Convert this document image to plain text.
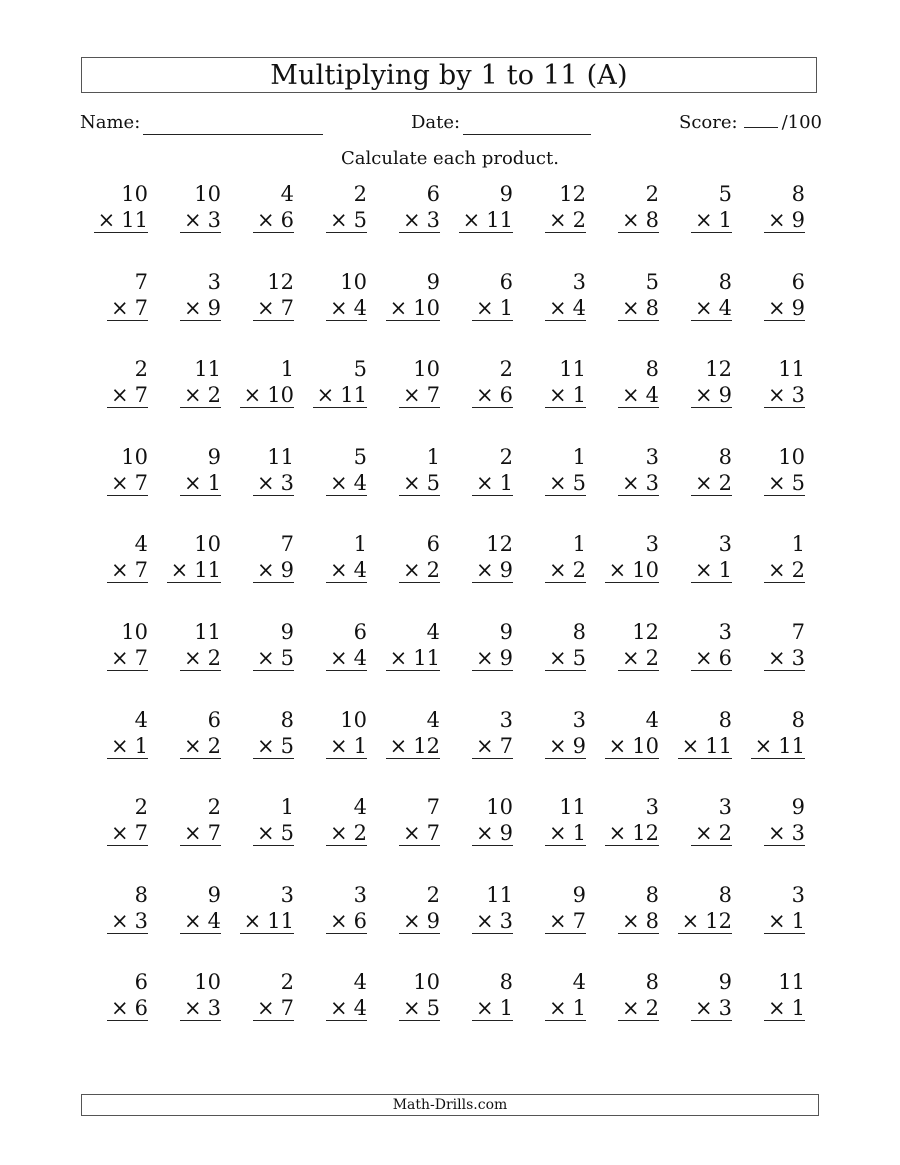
Multiplying by 1 to 11 (A)
Name:	Date:	Score: /100
Calculate each product.
10
× 11
10
× 3
4
× 6
2
× 5
6
× 3
9
× 11
12
× 2
2
× 8
5
× 1
8
× 9
7
× 7
3
× 9
12
× 7
10
× 4
9
× 10
6
× 1
3
× 4
5
× 8
8
× 4
6
× 9
2
× 7
11
× 2
1
× 10
5
× 11
10
× 7
2
× 6
11
× 1
8
× 4
12
× 9
11
× 3
10
× 7
9
× 1
11
× 3
5
× 4
1
× 5
2
× 1
1
× 5
3
× 3
8
× 2
10
× 5
4
× 7
10
× 11
7
× 9
1
× 4
6
× 2
12
× 9
1
× 2
3
× 10
3
× 1
1
× 2
10
× 7
11
× 2
9
× 5
6
× 4
4
× 11
9
× 9
8
× 5
12
× 2
3
× 6
7
× 3
4
× 1
6
× 2
8
× 5
10
× 1
4
× 12
3
× 7
3
× 9
4
× 10
8
× 11
8
× 11
2
× 7
2
× 7
1
× 5
4
× 2
7
× 7
10
× 9
11
× 1
3
× 12
3
× 2
9
× 3
8
× 3
9
× 4
3
× 11
3
× 6
2
× 9
11
× 3
9
× 7
8
× 8
8
× 12
3
× 1
6
× 6
10
× 3
2
× 7
4
× 4
10
× 5
8
× 1
4
× 1
8
× 2
9
× 3
11
× 1
Math-Drills.com
